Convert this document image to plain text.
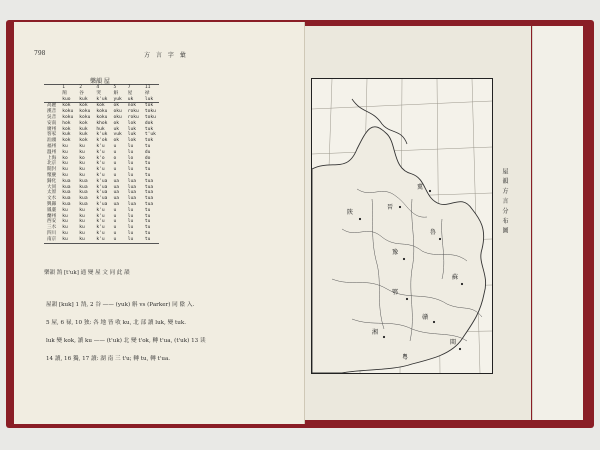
798	方 言 字 彙
樂韻 屋
	1	2	4	5	7	11
	鹄	谷	哭	斛	屋	禄
	kuo	kuk	k'uk	yuk	uk	luk
高麗	kok	kok	kok	ok	nok	tok
漢音	koku	koku	koku	oku	roku	toku
吳音	koku	koku	koku	oku	roku	toku
安南	hok	kok	khok	ok	lok	dok
廣州	kok	kuk	huk	uk	luk	tuk
客家	kuk	kuk	k'uk	vuk	luk	t'uk
汕頭	kok	kok	k'ok	ok	lok	tok
福州	ku	ku	k'u	u	lu	tu
溫州	ku	ku	k'u	u	lu	du
上海	ko	ko	k'o	o	lo	do
北京	ku	ku	k'u	u	lu	tu
開封	ku	ku	k'u	u	lu	tu
懷慶	ku	ku	k'u	u	lu	tu
歸化	kua	kua	k'ua	ua	lua	tua
大同	kua	kua	k'ua	ua	lua	tua
太原	kua	kua	k'ua	ua	lua	tua
文水	kua	kua	k'ua	ua	lua	tua
興縣	kua	kua	k'ua	ua	lua	tua
鳳臺	ku	ku	k'u	u	lu	tu
蘭州	ku	ku	k'u	u	lu	tu
西安	ku	ku	k'u	u	lu	tu
三水	ku	ku	k'u	u	lu	tu
四川	ku	ku	k'u	u	lu	tu
南京	ku	ku	k'u	u	lu	tu
樂韻 鹄 [t'uk] 通 變 屋 文 同 此 韻
屋韻 [kuk] 1 鹄, 2 谷 —— (yuk) 斛 vs (Parker) 同 陰 入.
5 屋, 6 禄, 10 独: 各 地 皆 收 ku, 北 部 讀 luk, 變 tuk.
luk 變 kok, 讀 ku —— (t'uk) 北 變 t'ok, 轉 t'ua, (t'uk) 13 读
14 讀, 16 獨, 17 讀: 湖 南 三 t'u; 轉 tu, 轉 t'ua.
陝
晉
豫
魯
冀
蘇
鄂
湘
贛
閩
粵
屋 韻 方 言 分 布 圖
